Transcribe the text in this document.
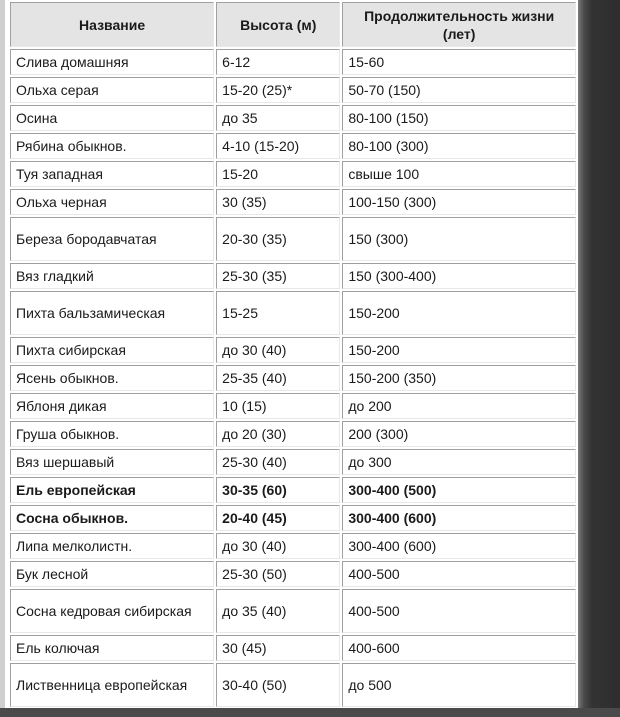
Название	Высота (м)	Продолжительность жизни (лет)
Слива домашняя	6-12	15-60
Ольха серая	15-20 (25)*	50-70 (150)
Осина	до 35	80-100 (150)
Рябина обыкнов.	4-10 (15-20)	80-100 (300)
Туя западная	15-20	свыше 100
Ольха черная	30 (35)	100-150 (300)
Береза бородавчатая	20-30 (35)	150 (300)
Вяз гладкий	25-30 (35)	150 (300-400)
Пихта бальзамическая	15-25	150-200
Пихта сибирская	до 30 (40)	150-200
Ясень обыкнов.	25-35 (40)	150-200 (350)
Яблоня дикая	10 (15)	до 200
Груша обыкнов.	до 20 (30)	200 (300)
Вяз шершавый	25-30 (40)	до 300
Ель европейская	30-35 (60)	300-400 (500)
Сосна обыкнов.	20-40 (45)	300-400 (600)
Липа мелколистн.	до 30 (40)	300-400 (600)
Бук лесной	25-30 (50)	400-500
Сосна кедровая сибирская	до 35 (40)	400-500
Ель колючая	30 (45)	400-600
Лиственница европейская	30-40 (50)	до 500
